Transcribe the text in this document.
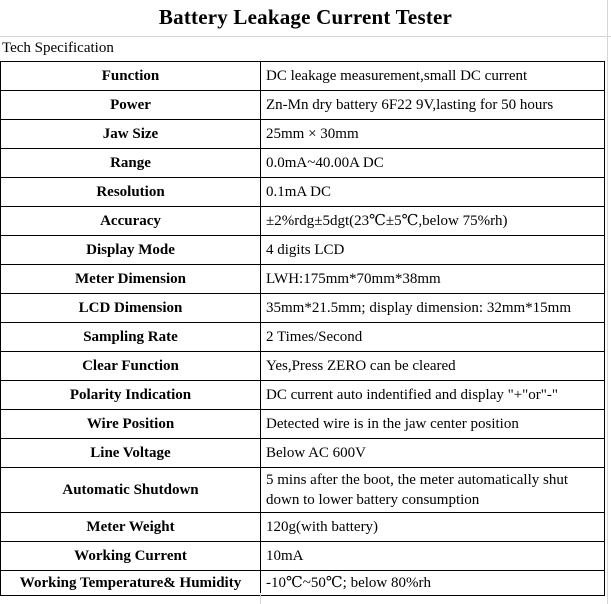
Battery Leakage Current Tester
Tech Specification
Function	DC leakage measurement,small DC current
Power	Zn-Mn dry battery 6F22 9V,lasting for 50 hours
Jaw Size	25mm × 30mm
Range	0.0mA~40.00A DC
Resolution	0.1mA DC
Accuracy	±2%rdg±5dgt(23℃±5℃,below 75%rh)
Display Mode	4 digits LCD
Meter Dimension	LWH:175mm*70mm*38mm
LCD Dimension	35mm*21.5mm; display dimension: 32mm*15mm
Sampling Rate	2 Times/Second
Clear Function	Yes,Press ZERO can be cleared
Polarity Indication	DC current auto indentified and display "+"or"-"
Wire Position	Detected wire is in the jaw center position
Line Voltage	Below AC 600V
Automatic Shutdown	5 mins after the boot, the meter automatically shut down to lower battery consumption
Meter Weight	120g(with battery)
Working Current	10mA
Working Temperature& Humidity	-10℃~50℃; below 80%rh
